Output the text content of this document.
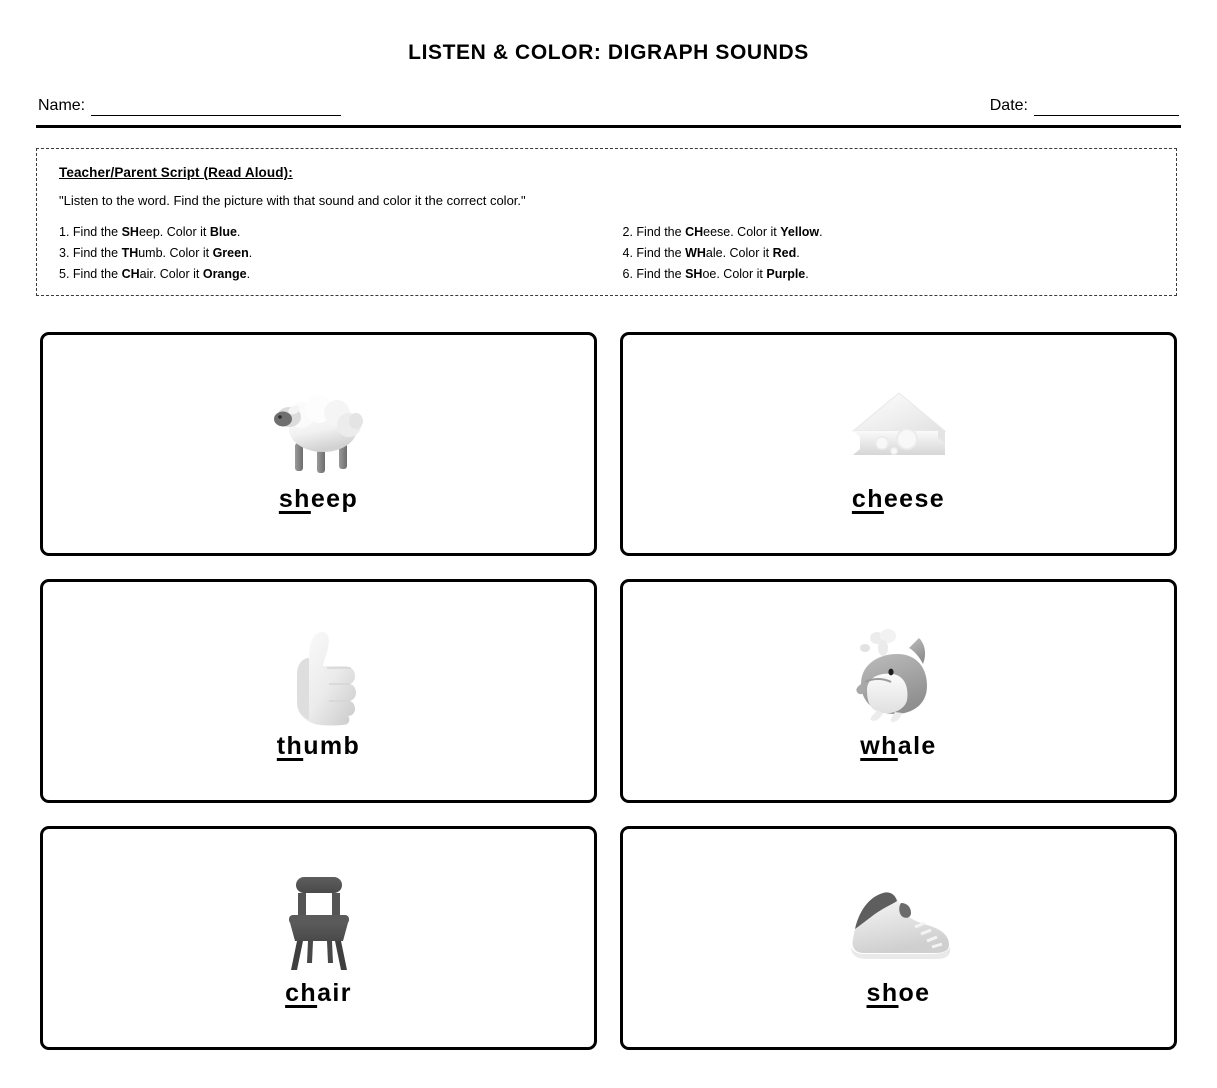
LISTEN & COLOR: DIGRAPH SOUNDS
Name:	Date:
Teacher/Parent Script (Read Aloud):
"Listen to the word. Find the picture with that sound and color it the correct color."
1. Find the SHeep. Color it Blue.
3. Find the THumb. Color it Green.
5. Find the CHair. Color it Orange.
2. Find the CHeese. Color it Yellow.
4. Find the WHale. Color it Red.
6. Find the SHoe. Color it Purple.
sheep	cheese
thumb	whale
chair	shoe
